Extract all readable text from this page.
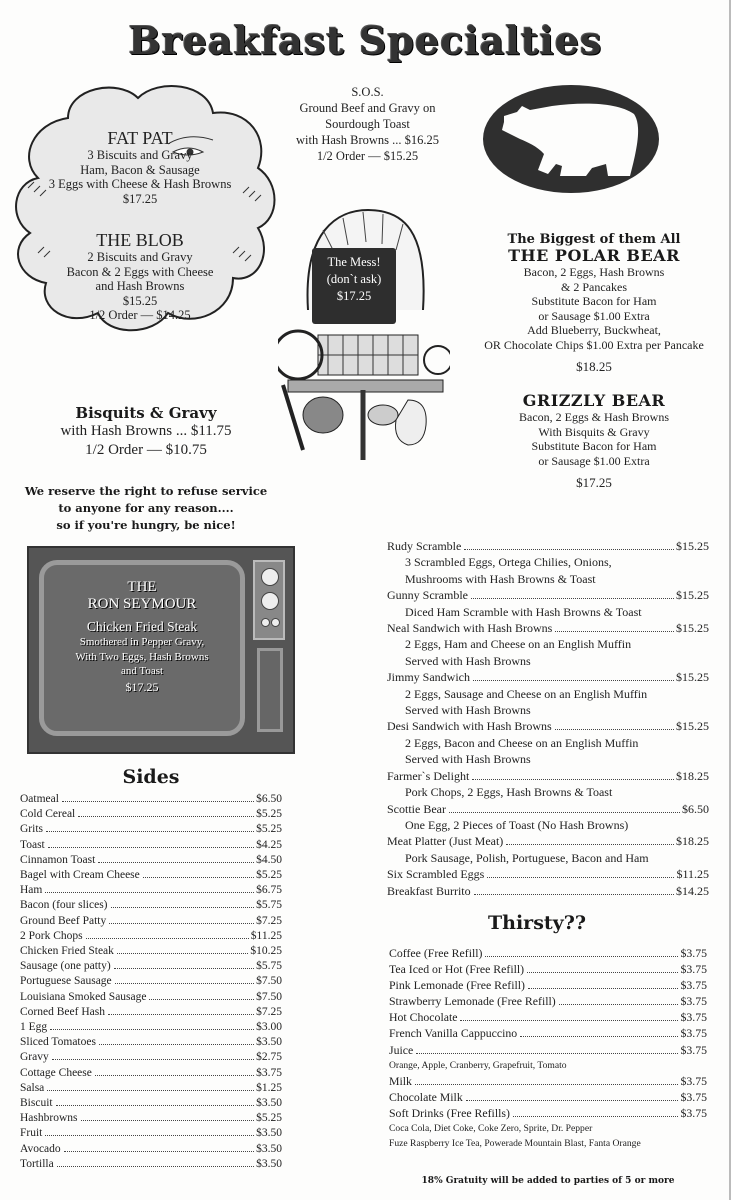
Breakfast Specialties
FAT PAT
3 Biscuits and Gravy
Ham, Bacon & Sausage
3 Eggs with Cheese & Hash Browns
$17.25
THE BLOB
2 Biscuits and Gravy
Bacon & 2 Eggs with Cheese
and Hash Browns
$15.25
1/2 Order — $14.25
S.O.S.
Ground Beef and Gravy on
Sourdough Toast
with Hash Browns ... $16.25
1/2 Order — $15.25
The Mess!
(don`t ask)
$17.25
The Biggest of them All
THE POLAR BEAR
Bacon, 2 Eggs, Hash Browns
& 2 Pancakes
Substitute Bacon for Ham
or Sausage $1.00 Extra
Add Blueberry, Buckwheat,
OR Chocolate Chips $1.00 Extra per Pancake
$18.25
GRIZZLY BEAR
Bacon, 2 Eggs & Hash Browns
With Bisquits & Gravy
Substitute Bacon for Ham
or Sausage $1.00 Extra
$17.25
Bisquits & Gravy
with Hash Browns ... $11.75
1/2 Order — $10.75
We reserve the right to refuse service
to anyone for any reason....
so if you're hungry, be nice!
THE
RON SEYMOUR
Chicken Fried Steak
Smothered in Pepper Gravy,
With Two Eggs, Hash Browns
and Toast
$17.25
Sides
Oatmeal	$6.50
Cold Cereal	$5.25
Grits	$5.25
Toast	$4.25
Cinnamon Toast	$4.50
Bagel with Cream Cheese	$5.25
Ham	$6.75
Bacon (four slices)	$5.75
Ground Beef Patty	$7.25
2 Pork Chops	$11.25
Chicken Fried Steak	$10.25
Sausage (one patty)	$5.75
Portuguese Sausage	$7.50
Louisiana Smoked Sausage	$7.50
Corned Beef Hash	$7.25
1 Egg	$3.00
Sliced Tomatoes	$3.50
Gravy	$2.75
Cottage Cheese	$3.75
Salsa	$1.25
Biscuit	$3.50
Hashbrowns	$5.25
Fruit	$3.50
Avocado	$3.50
Tortilla	$3.50
Rudy Scramble	$15.25
3 Scrambled Eggs, Ortega Chilies, Onions,
Mushrooms with Hash Browns & Toast
Gunny Scramble	$15.25
Diced Ham Scramble with Hash Browns & Toast
Neal Sandwich with Hash Browns	$15.25
2 Eggs, Ham and Cheese on an English Muffin
Served with Hash Browns
Jimmy Sandwich	$15.25
2 Eggs, Sausage and Cheese on an English Muffin
Served with Hash Browns
Desi Sandwich with Hash Browns	$15.25
2 Eggs, Bacon and Cheese on an English Muffin
Served with Hash Browns
Farmer`s Delight	$18.25
Pork Chops, 2 Eggs, Hash Browns & Toast
Scottie Bear	$6.50
One Egg, 2 Pieces of Toast (No Hash Browns)
Meat Platter (Just Meat)	$18.25
Pork Sausage, Polish, Portuguese, Bacon and Ham
Six Scrambled Eggs	$11.25
Breakfast Burrito	$14.25
Thirsty??
Coffee (Free Refill)	$3.75
Tea Iced or Hot (Free Refill)	$3.75
Pink Lemonade (Free Refill)	$3.75
Strawberry Lemonade (Free Refill)	$3.75
Hot Chocolate	$3.75
French Vanilla Cappuccino	$3.75
Juice	$3.75
Orange, Apple, Cranberry, Grapefruit, Tomato
Milk	$3.75
Chocolate Milk	$3.75
Soft Drinks (Free Refills)	$3.75
Coca Cola, Diet Coke, Coke Zero, Sprite, Dr. Pepper
Fuze Raspberry Ice Tea, Powerade Mountain Blast, Fanta Orange
18% Gratuity will be added to parties of 5 or more
